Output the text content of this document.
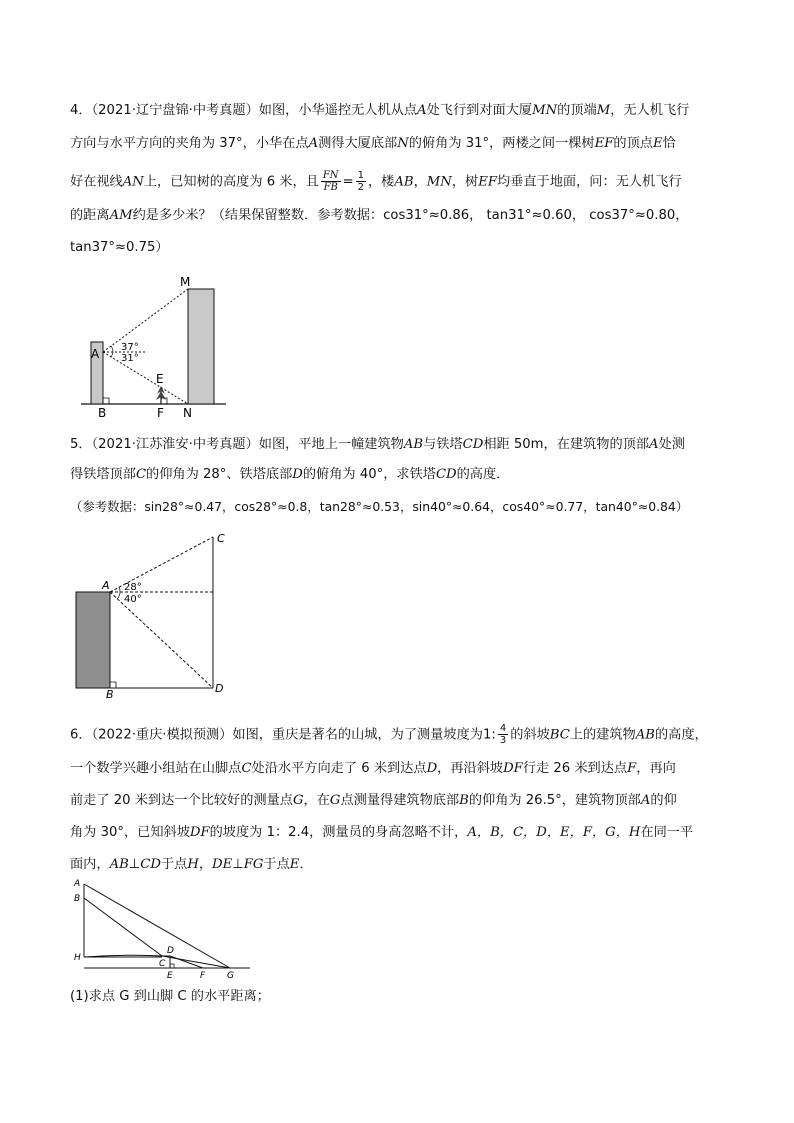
4．（2021·辽宁盘锦·中考真题）如图，小华遥控无人机从点A处飞行到对面大厦MN的顶端M，无人机飞行
方向与水平方向的夹角为 37°，小华在点A测得大厦底部N的俯角为 31°，两楼之间一棵树EF的顶点E恰
好在视线AN上，已知树的高度为 6 米，且 $\frac{FN}{FB} = \frac{1}{2}$ ，楼AB，MN，树EF均垂直于地面，问：无人机飞行
的距离AM约是多少米？（结果保留整数．参考数据：cos31°≈0.86， tan31°≈0.60， cos37°≈0.80，
tan37°≈0.75）
M
A 37°
31°
E
B	F N
5．（2021·江苏淮安·中考真题）如图，平地上一幢建筑物AB与铁塔CD相距 50m，在建筑物的顶部A处测
得铁塔顶部C的仰角为 28°、铁塔底部D的俯角为 40°，求铁塔CD的高度．
（参考数据：sin28°≈0.47，cos28°≈0.8，tan28°≈0.53，sin40°≈0.64，cos40°≈0.77，tan40°≈0.84）
C
A 28°
40°
B	D
6．（2022·重庆·模拟预测）如图，重庆是著名的山城，为了测量坡度为1: $\frac{4}{3}$ 的斜坡BC上的建筑物AB的高度，
一个数学兴趣小组站在山脚点C处沿水平方向走了 6 米到达点D，再沿斜坡DF行走 26 米到达点F，再向
前走了 20 米到达一个比较好的测量点G，在G点测量得建筑物底部B的仰角为 26.5°，建筑物顶部A的仰
角为 30°，已知斜坡DF的坡度为 1：2.4，测量员的身高忽略不计，A，B，C，D，E，F，G，H在同一平
面内，AB⊥CD于点H，DE⊥FG于点E．
A
B
H
C
D
E	F G
(1)求点 G 到山脚 C 的水平距离；
